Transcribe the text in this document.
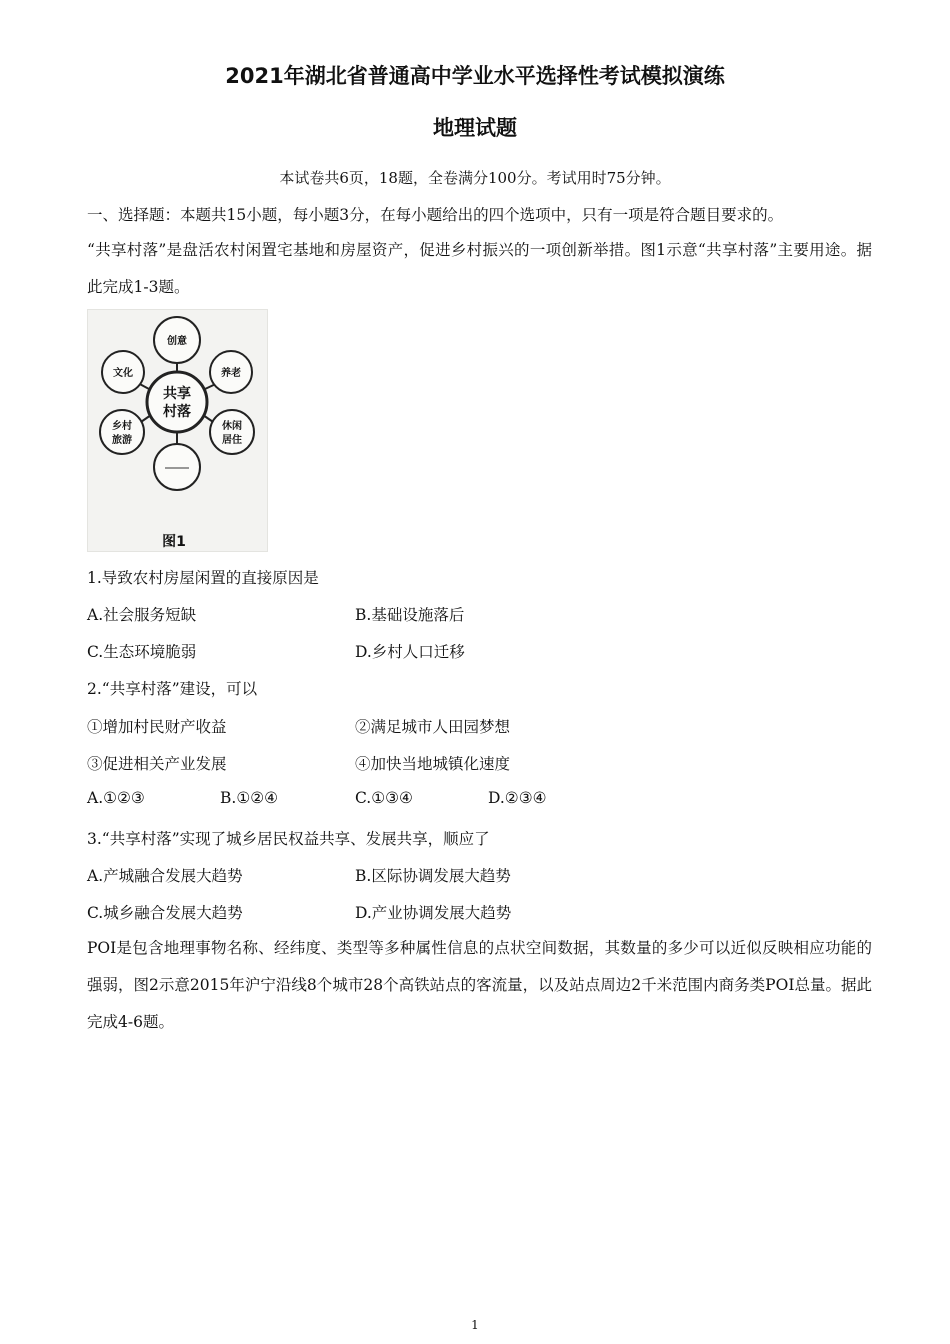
2021年湖北省普通高中学业水平选择性考试模拟演练
地理试题
本试卷共6页，18题，全卷满分100分。考试用时75分钟。
一、选择题：本题共15小题，每小题3分，在每小题给出的四个选项中，只有一项是符合题目要求的。
“共享村落”是盘活农村闲置宅基地和房屋资产，促进乡村振兴的一项创新举措。图1示意“共享村落”主要用途。据此完成1-3题。
共享
村落
创意
文化	养老
乡村
旅游
休闲
居住
图1
1.导致农村房屋闲置的直接原因是
A.社会服务短缺	B.基础设施落后
C.生态环境脆弱	D.乡村人口迁移
2.“共享村落”建设，可以
①增加村民财产收益	②满足城市人田园梦想
③促进相关产业发展	④加快当地城镇化速度
A.①②③	B.①②④	C.①③④	D.②③④
3.“共享村落”实现了城乡居民权益共享、发展共享，顺应了
A.产城融合发展大趋势	B.区际协调发展大趋势
C.城乡融合发展大趋势	D.产业协调发展大趋势
POI是包含地理事物名称、经纬度、类型等多种属性信息的点状空间数据，其数量的多少可以近似反映相应功能的强弱，图2示意2015年沪宁沿线8个城市28个高铁站点的客流量，以及站点周边2千米范围内商务类POI总量。据此完成4-6题。
1
